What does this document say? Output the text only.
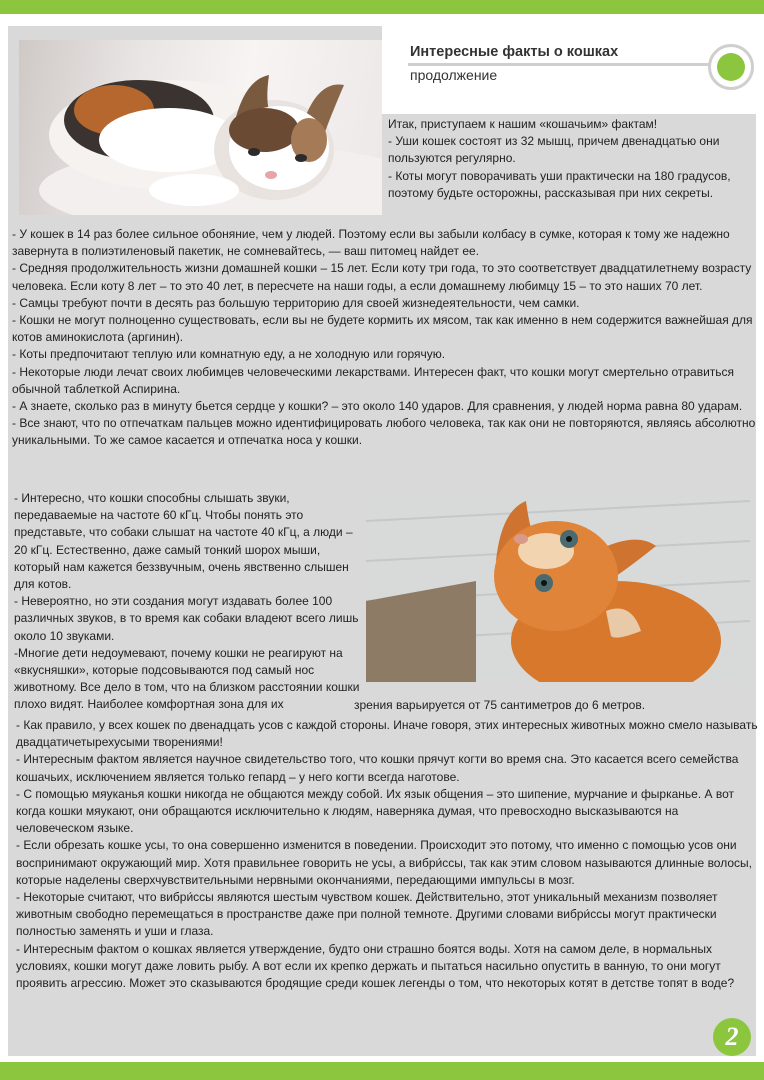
Интересные факты о кошках
продолжение

Итак, приступаем к нашим «кошачьим» фактам!

- Уши кошек состоят из 32 мышц, причем двенадцатью они пользуются регулярно.

- Коты могут поворачивать уши практически на 180 градусов, поэтому будьте осторожны, рассказывая при них секреты.

- У кошек в 14 раз более сильное обоняние, чем у людей. Поэтому если вы забыли колбасу в сумке, которая к тому же надежно завернута в полиэтиленовый пакетик, не сомневайтесь, — ваш питомец найдет ее.

- Средняя продолжительность жизни домашней кошки – 15 лет. Если коту три года, то это соответствует двадцатилетнему возрасту человека. Если коту 8 лет – то это 40 лет, в пересчете на наши годы, а если домашнему любимцу 15 – то это наших 70 лет.

- Самцы требуют почти в десять раз большую территорию для своей жизнедеятельности, чем самки.

- Кошки не могут полноценно существовать, если вы не будете кормить их мясом, так как именно в нем содержится важнейшая для котов аминокислота (аргинин).

- Коты предпочитают теплую или комнатную еду, а не холодную или горячую.

- Некоторые люди лечат своих любимцев человеческими лекарствами. Интересен факт, что кошки могут смертельно отравиться обычной таблеткой Аспирина.

- А знаете, сколько раз в минуту бьется сердце у кошки? – это около 140 ударов. Для сравнения, у людей норма равна 80 ударам.

- Все знают, что по отпечаткам пальцев можно идентифицировать любого человека, так как они не повторяются, являясь абсолютно уникальными. То же самое касается и отпечатка носа у кошки.

- Интересно, что кошки способны слышать звуки, передаваемые на частоте 60 кГц. Чтобы понять это представьте, что собаки слышат на частоте 40 кГц, а люди – 20 кГц. Естественно, даже самый тонкий шорох мыши, который нам кажется беззвучным, очень явственно слышен для котов.

- Невероятно, но эти создания могут издавать более 100 различных звуков, в то время как собаки владеют всего лишь около 10 звуками.

-Многие дети недоумевают, почему кошки не реагируют на «вкусняшки», которые подсовываются под самый нос животному. Все дело в том, что на близком расстоянии кошки плохо видят. Наиболее комфортная зона для их	зрения варьируется от 75 сантиметров до 6 метров.

- Как правило, у всех кошек по двенадцать усов с каждой стороны. Иначе говоря, этих интересных животных можно смело называть двадцатичетырехусыми творениями!

- Интересным фактом является научное свидетельство того, что кошки прячут когти во время сна. Это касается всего семейства кошачьих, исключением является только гепард – у него когти всегда наготове.

- С помощью мяуканья кошки никогда не общаются между собой. Их язык общения – это шипение, мурчание и фырканье. А вот когда кошки мяукают, они обращаются исключительно к людям, наверняка думая, что превосходно высказываются на человеческом языке.

- Если обрезать кошке усы, то она совершенно изменится в поведении. Происходит это потому, что именно с помощью усов они воспринимают окружающий мир. Хотя правильнее говорить не усы, а вибри́ссы, так как этим словом называются длинные волосы, которые наделены сверхчувствительными нервными окончаниями, передающими импульсы в мозг.

- Некоторые считают, что вибри́ссы являются шестым чувством кошек. Действительно, этот уникальный механизм позволяет животным свободно перемещаться в пространстве даже при полной темноте. Другими словами вибри́ссы могут практически полностью заменять и уши и глаза.

- Интересным фактом о кошках является утверждение, будто они страшно боятся воды. Хотя на самом деле, в нормальных условиях, кошки могут даже ловить рыбу. А вот если их крепко держать и пытаться насильно опустить в ванную, то они могут проявить агрессию. Может это сказываются бродящие среди кошек легенды о том, что некоторых котят в детстве топят в воде?

2
